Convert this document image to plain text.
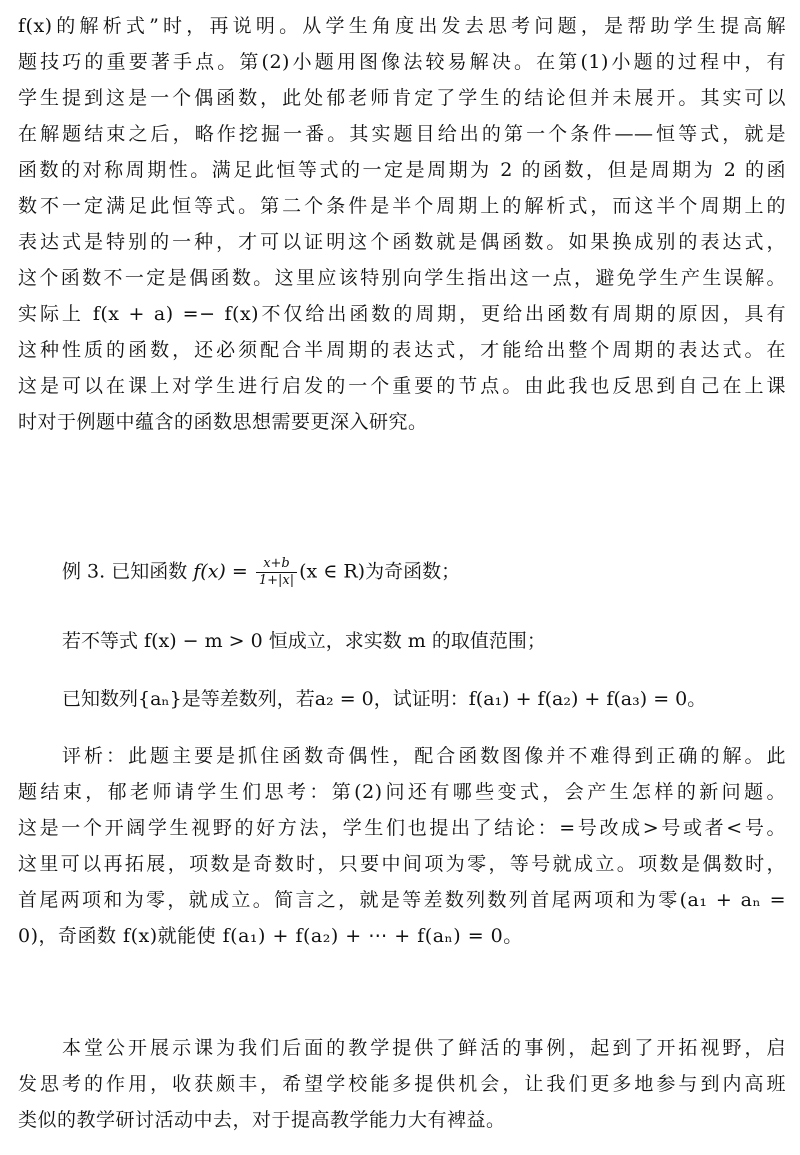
f(x)的解析式”时，再说明。从学生角度出发去思考问题，是帮助学生提高解
题技巧的重要著手点。第(2)小题用图像法较易解决。在第(1)小题的过程中，有
学生提到这是一个偶函数，此处郁老师肯定了学生的结论但并未展开。其实可以
在解题结束之后，略作挖掘一番。其实题目给出的第一个条件——恒等式，就是
函数的对称周期性。满足此恒等式的一定是周期为 2 的函数，但是周期为 2 的函
数不一定满足此恒等式。第二个条件是半个周期上的解析式，而这半个周期上的
表达式是特别的一种，才可以证明这个函数就是偶函数。如果换成别的表达式，
这个函数不一定是偶函数。这里应该特别向学生指出这一点，避免学生产生误解。
实际上 f(x + a) =− f(x)不仅给出函数的周期，更给出函数有周期的原因，具有
这种性质的函数，还必须配合半周期的表达式，才能给出整个周期的表达式。在
这是可以在课上对学生进行启发的一个重要的节点。由此我也反思到自己在上课
时对于例题中蕴含的函数思想需要更深入研究。
例 3. 已知函数 $f(x) = \frac{x+b}{1+|x|} (x$ ∈ R)为奇函数；
若不等式 f(x) − m > 0 恒成立，求实数 m 的取值范围；
已知数列{aₙ}是等差数列，若a₂ = 0，试证明：f(a₁) + f(a₂) + f(a₃) = 0。
评析：此题主要是抓住函数奇偶性，配合函数图像并不难得到正确的解。此
题结束，郁老师请学生们思考：第(2)问还有哪些变式，会产生怎样的新问题。
这是一个开阔学生视野的好方法，学生们也提出了结论：=号改成>号或者<号。
这里可以再拓展，项数是奇数时，只要中间项为零，等号就成立。项数是偶数时，
首尾两项和为零，就成立。简言之，就是等差数列数列首尾两项和为零(a₁ + aₙ =
0)，奇函数 f(x)就能使 f(a₁) + f(a₂) + ⋯ + f(aₙ) = 0。
本堂公开展示课为我们后面的教学提供了鲜活的事例，起到了开拓视野，启
发思考的作用，收获颇丰，希望学校能多提供机会，让我们更多地参与到内高班
类似的教学研讨活动中去，对于提高教学能力大有裨益。
